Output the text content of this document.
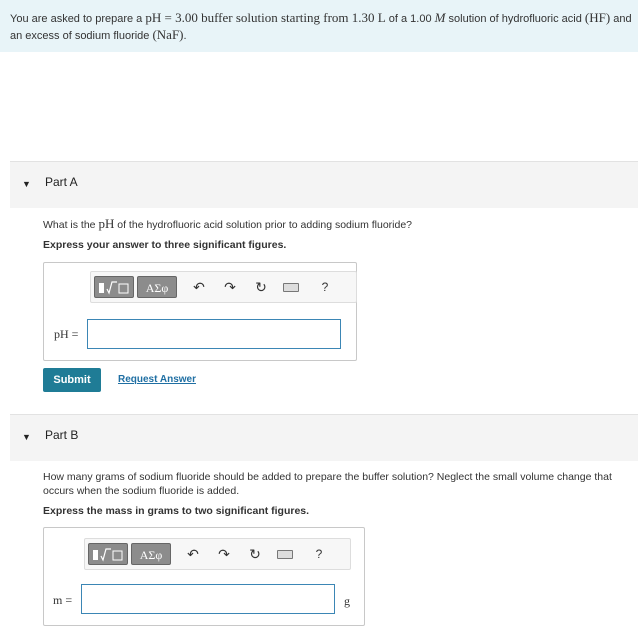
You are asked to prepare a pH = 3.00 buffer solution starting from 1.30 L of a 1.00 M solution of hydrofluoric acid (HF) and an excess of sodium fluoride (NaF).

▼ Part A
What is the pH of the hydrofluoric acid solution prior to adding sodium fluoride?
Express your answer to three significant figures.
ΑΣφ	↶ ↷ ↻	?
pH =
Submit	Request Answer
▼ Part B
How many grams of sodium fluoride should be added to prepare the buffer solution? Neglect the small volume change that occurs when the sodium fluoride is added.
Express the mass in grams to two significant figures.
ΑΣφ	↶ ↷ ↻	?
m =	g
